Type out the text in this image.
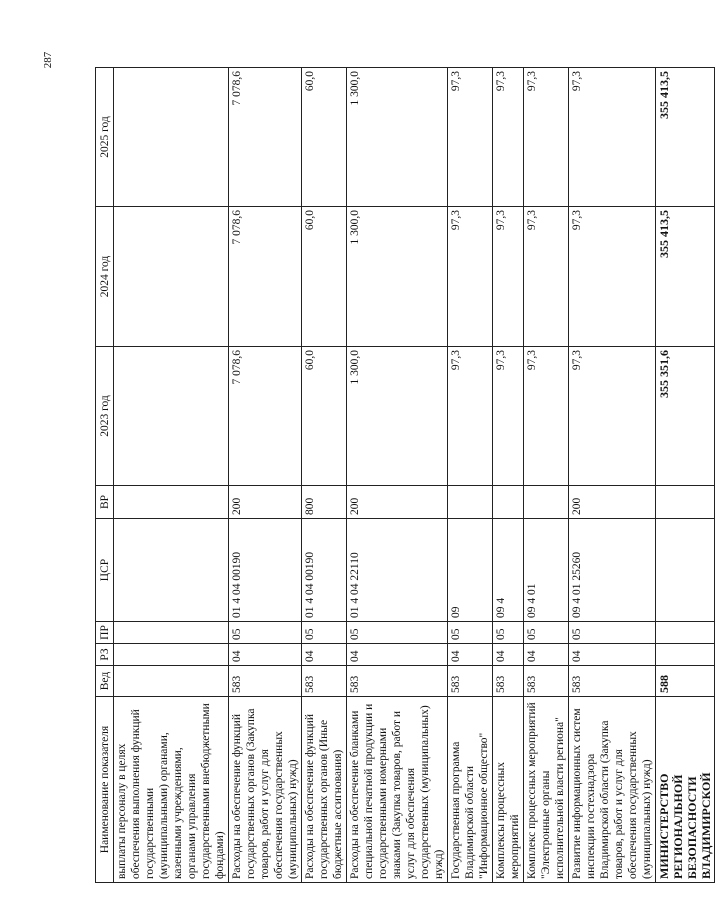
287
Наименование показателя	Вед	РЗ	ПР	ЦСР	ВР	2023 год	2024 год	2025 год
выплаты персоналу в целях обеспечения выполнения функций государственными (муниципальными) органами, казенными учреждениями, органами управления государственными внебюджетными фондами)								
Расходы на обеспечение функций государственных органов (Закупка товаров, работ и услуг для обеспечения государственных (муниципальных) нужд)	583	04	05	01 4 04 00190	200	7 078,6	7 078,6	7 078,6
Расходы на обеспечение функций государственных органов (Иные бюджетные ассигнования)	583	04	05	01 4 04 00190	800	60,0	60,0	60,0
Расходы на обеспечение бланками специальной печатной продукции и государственными номерными знаками (Закупка товаров, работ и услуг для обеспечения государственных (муниципальных) нужд)	583	04	05	01 4 04 22110	200	1 300,0	1 300,0	1 300,0
Государственная программа Владимирской области "Информационное общество"	583	04	05	09		97,3	97,3	97,3
Комплексы процессных мероприятий	583	04	05	09 4		97,3	97,3	97,3
Комплекс процессных мероприятий "Электронные органы исполнительной власти региона"	583	04	05	09 4 01		97,3	97,3	97,3
Развитие информационных систем инспекции гостехнадзора Владимирской области (Закупка товаров, работ и услуг для обеспечения государственных (муниципальных) нужд)	583	04	05	09 4 01 25260	200	97,3	97,3	97,3
МИНИСТЕРСТВО РЕГИОНАЛЬНОЙ БЕЗОПАСНОСТИ ВЛАДИМИРСКОЙ	588					355 351,6	355 413,5	355 413,5
